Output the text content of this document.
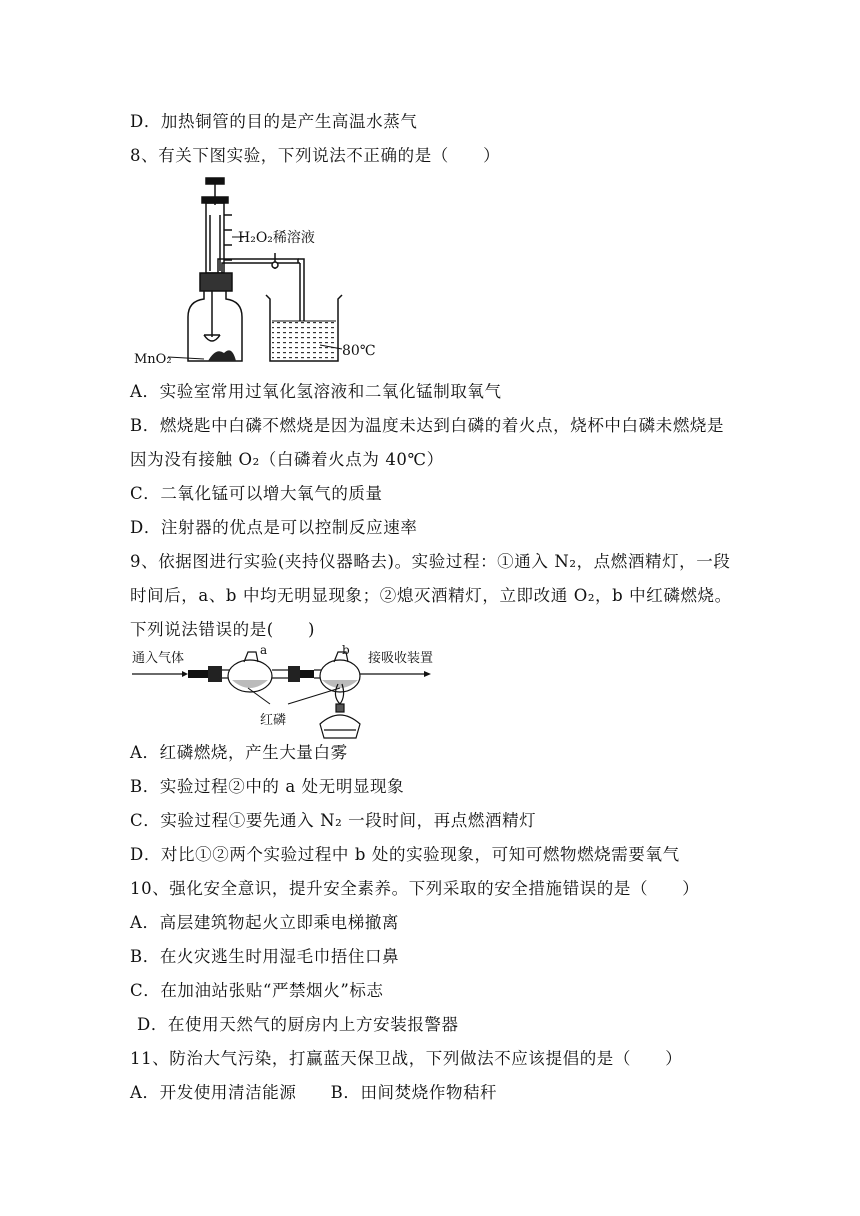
D．加热铜管的目的是产生高温水蒸气
8、有关下图实验，下列说法不正确的是（　　）
H₂O₂稀溶液
MnO₂
80℃
A．实验室常用过氧化氢溶液和二氧化锰制取氧气
B．燃烧匙中白磷不燃烧是因为温度未达到白磷的着火点，烧杯中白磷未燃烧是
因为没有接触 O₂（白磷着火点为 40℃）
C．二氧化锰可以增大氧气的质量
D．注射器的优点是可以控制反应速率
9、依据图进行实验(夹持仪器略去)。实验过程：①通入 N₂，点燃酒精灯，一段
时间后，a、b 中均无明显现象；②熄灭酒精灯，立即改通 O₂，b 中红磷燃烧。
下列说法错误的是(　　)
通入气体
a	b
接吸收装置
红磷
A．红磷燃烧，产生大量白雾
B．实验过程②中的 a 处无明显现象
C．实验过程①要先通入 N₂ 一段时间，再点燃酒精灯
D．对比①②两个实验过程中 b 处的实验现象，可知可燃物燃烧需要氧气
10、强化安全意识，提升安全素养。下列采取的安全措施错误的是（　　）
A．高层建筑物起火立即乘电梯撤离
B．在火灾逃生时用湿毛巾捂住口鼻
C．在加油站张贴“严禁烟火”标志
D．在使用天然气的厨房内上方安装报警器
11、防治大气污染，打赢蓝天保卫战，下列做法不应该提倡的是（　　）
A．开发使用清洁能源　　B．田间焚烧作物秸秆
